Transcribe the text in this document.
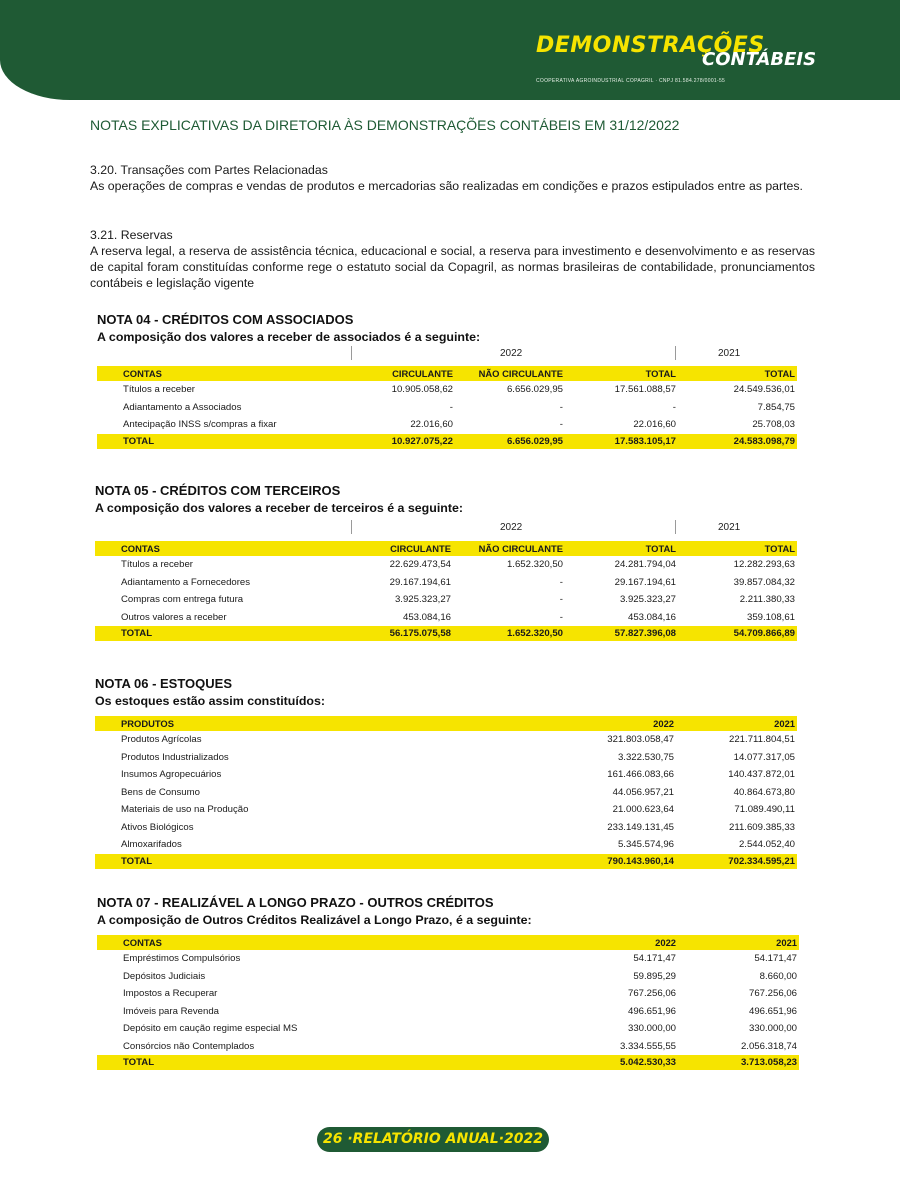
DEMONSTRAÇÕES
CONTÁBEIS
COOPERATIVA AGROINDUSTRIAL COPAGRIL · CNPJ 81.584.278/0001-55
NOTAS EXPLICATIVAS DA DIRETORIA ÀS DEMONSTRAÇÕES CONTÁBEIS EM 31/12/2022
3.20. Transações com Partes Relacionadas
As operações de compras e vendas de produtos e mercadorias são realizadas em condições e prazos estipulados entre as partes.
3.21. Reservas
A reserva legal, a reserva de assistência técnica, educacional e social, a reserva para investimento e desenvolvimento e as reservas de capital foram constituídas conforme rege o estatuto social da Copagril, as normas brasileiras de contabilidade, pronunciamentos contábeis e legislação vigente
NOTA 04 - CRÉDITOS COM ASSOCIADOS
A composição dos valores a receber de associados é a seguinte:
2022	2021
CONTAS	CIRCULANTE	NÃO CIRCULANTE	TOTAL	TOTAL
Títulos a receber	10.905.058,62	6.656.029,95	17.561.088,57	24.549.536,01
Adiantamento a Associados	-	-	-	7.854,75
Antecipação INSS s/compras a fixar	22.016,60	-	22.016,60	25.708,03
TOTAL	10.927.075,22	6.656.029,95	17.583.105,17	24.583.098,79
NOTA 05 - CRÉDITOS COM TERCEIROS
A composição dos valores a receber de terceiros é a seguinte:
2022	2021
CONTAS	CIRCULANTE	NÃO CIRCULANTE	TOTAL	TOTAL
Títulos a receber	22.629.473,54	1.652.320,50	24.281.794,04	12.282.293,63
Adiantamento a Fornecedores	29.167.194,61	-	29.167.194,61	39.857.084,32
Compras com entrega futura	3.925.323,27	-	3.925.323,27	2.211.380,33
Outros valores a receber	453.084,16	-	453.084,16	359.108,61
TOTAL	56.175.075,58	1.652.320,50	57.827.396,08	54.709.866,89
NOTA 06 - ESTOQUES
Os estoques estão assim constituídos:
PRODUTOS	2022	2021
Produtos Agrícolas	321.803.058,47	221.711.804,51
Produtos Industrializados	3.322.530,75	14.077.317,05
Insumos Agropecuários	161.466.083,66	140.437.872,01
Bens de Consumo	44.056.957,21	40.864.673,80
Materiais de uso na Produção	21.000.623,64	71.089.490,11
Ativos Biológicos	233.149.131,45	211.609.385,33
Almoxarifados	5.345.574,96	2.544.052,40
TOTAL	790.143.960,14	702.334.595,21
NOTA 07 - REALIZÁVEL A LONGO PRAZO - OUTROS CRÉDITOS
A composição de Outros Créditos Realizável a Longo Prazo, é a seguinte:
CONTAS	2022	2021
Empréstimos Compulsórios	54.171,47	54.171,47
Depósitos Judiciais	59.895,29	8.660,00
Impostos a Recuperar	767.256,06	767.256,06
Imóveis para Revenda	496.651,96	496.651,96
Depósito em caução regime especial MS	330.000,00	330.000,00
Consórcios não Contemplados	3.334.555,55	2.056.318,74
TOTAL	5.042.530,33	3.713.058,23
26 ·RELATÓRIO ANUAL·2022
